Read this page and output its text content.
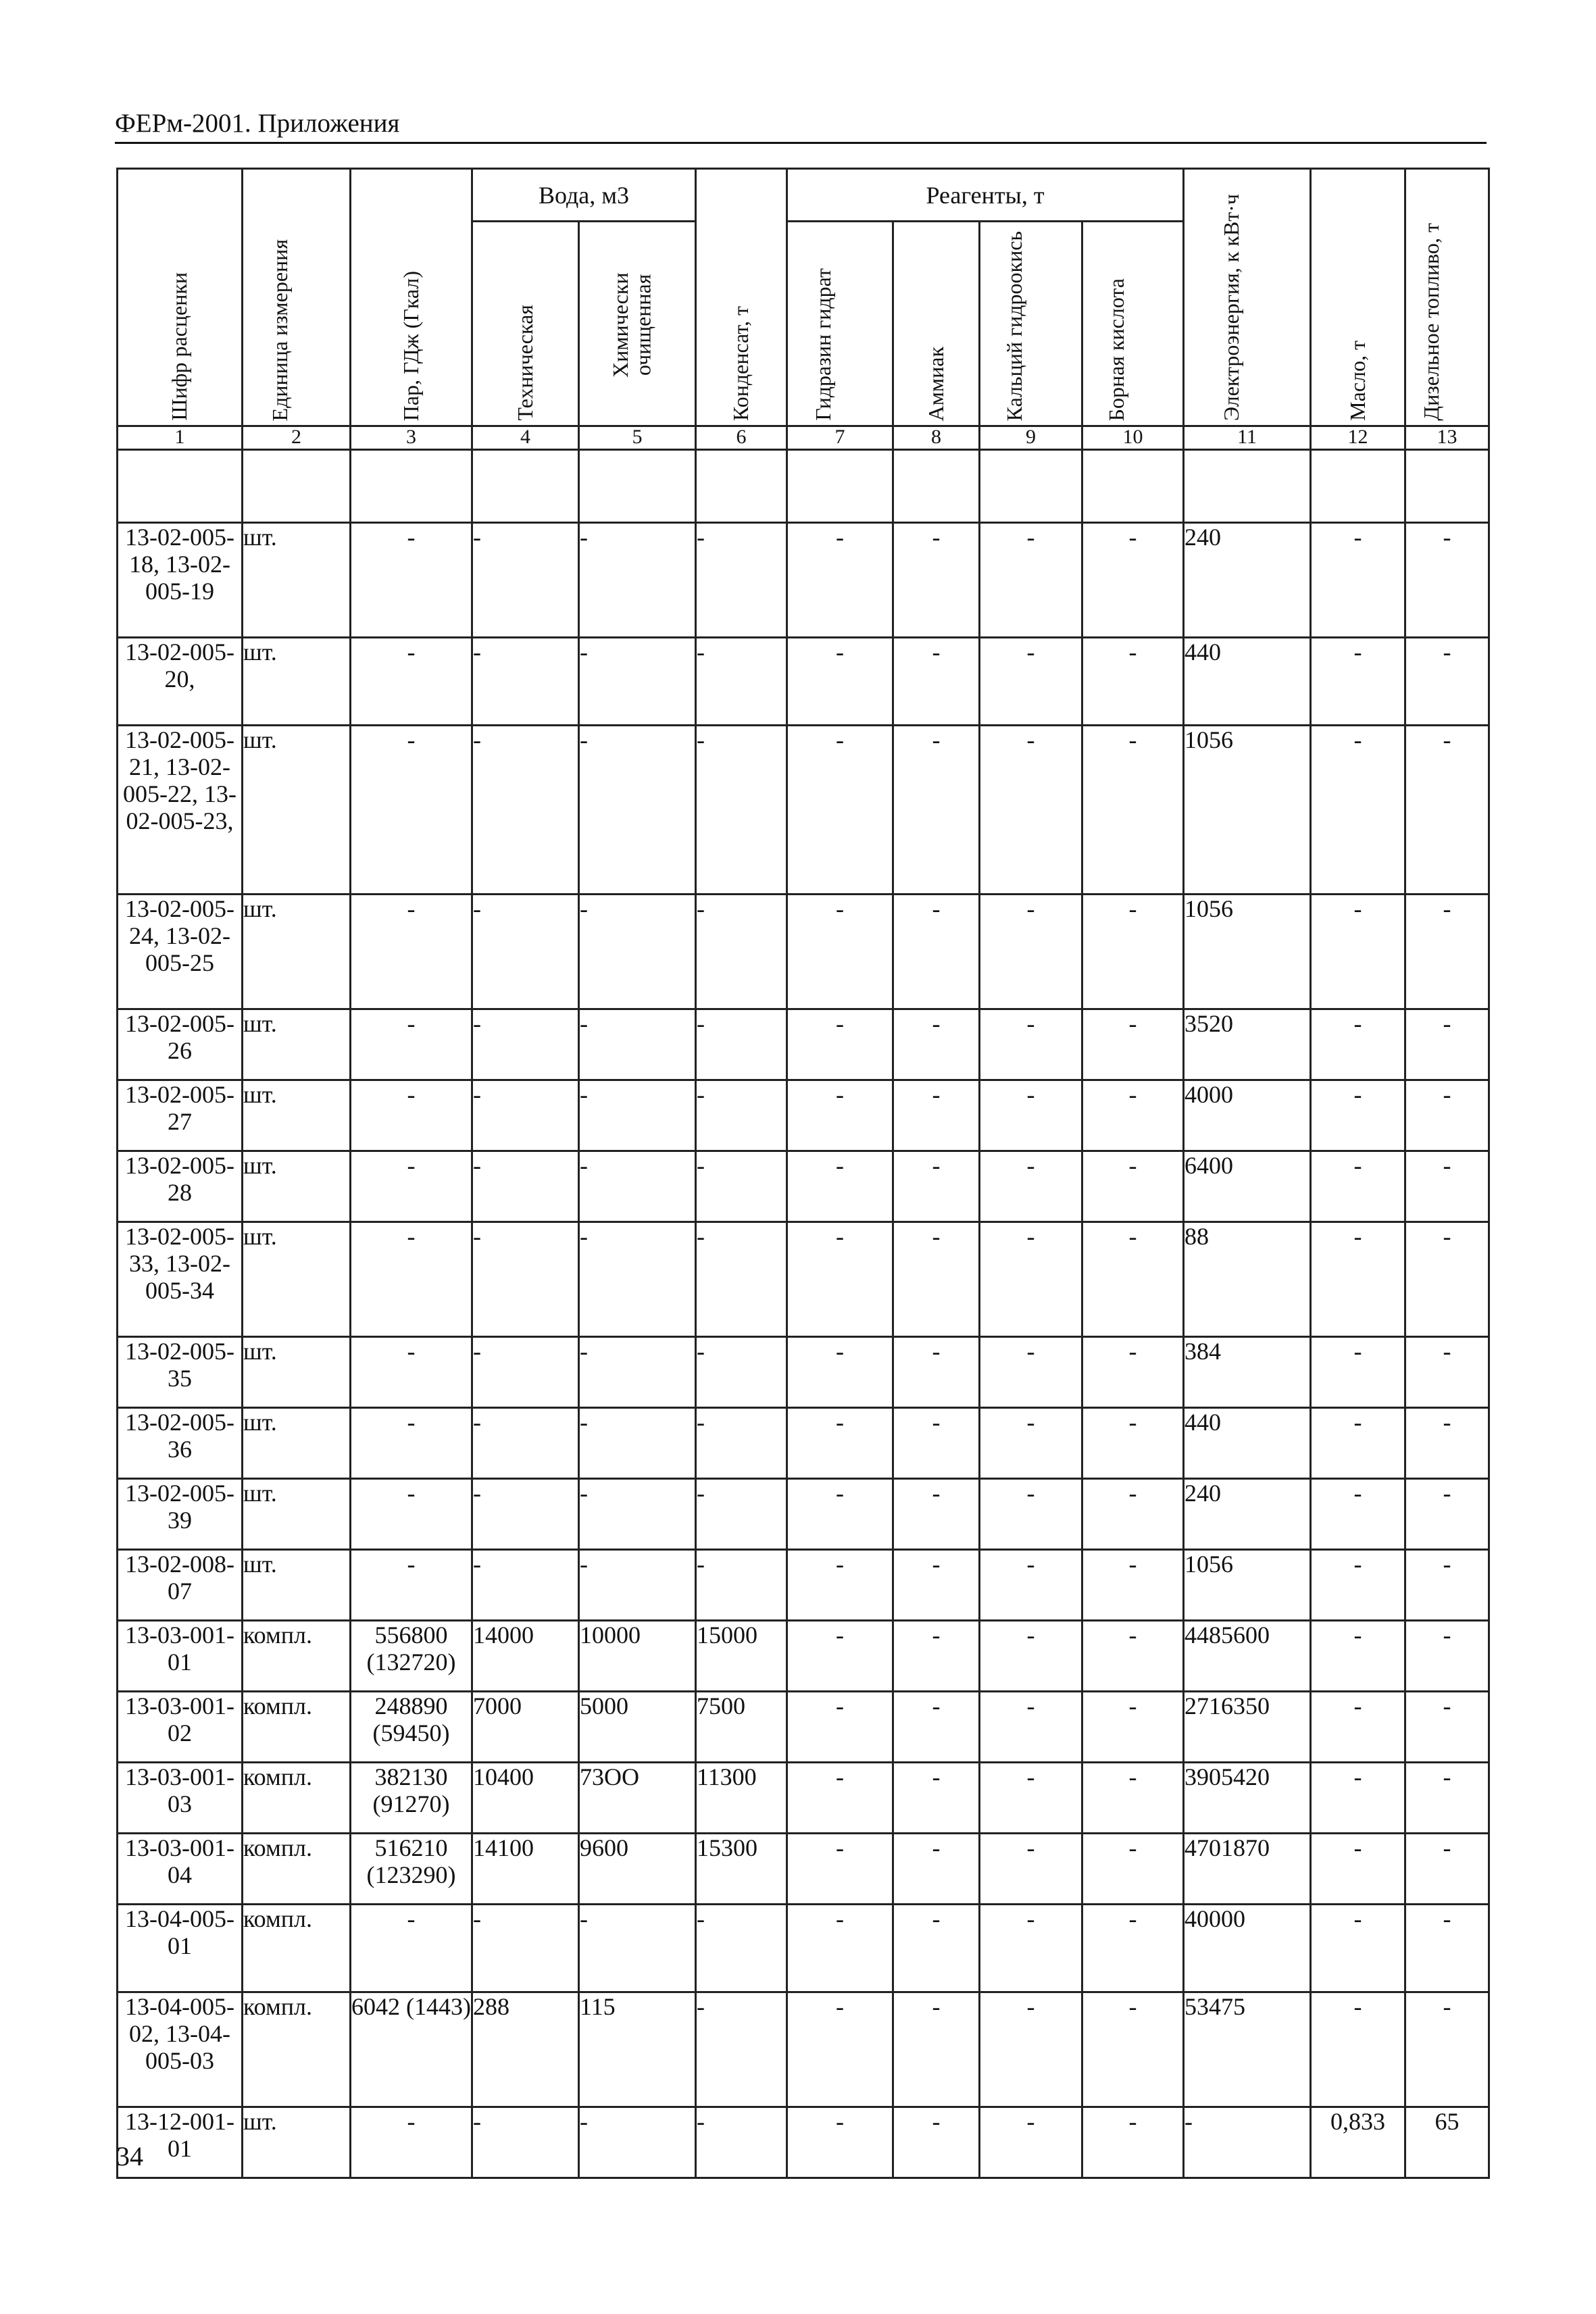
ФЕРм-2001. Приложения
Шифр расценки	Единица измерения	Пар, ГДж (Гкал)	Вода, м3		Конденсат, т	Реагенты, т				Электроэнергия, к кВт·ч	Масло, т	Дизельное топливо, т

			Техническая	Химически очищенная		Гидразин гидрат	Аммиак	Кальций гидроокись	Борная кислота			

1	2	3	4	5	6	7	8	9	10	11	12	13

13-02-005-18, 13-02-005-19	шт.	-	-	-	-	-	-	-	-	240	-	-
13-02-005-20,	шт.	-	-	-	-	-	-	-	-	440	-	-
13-02-005-21, 13-02-005-22, 13-02-005-23,	шт.	-	-	-	-	-	-	-	-	1056	-	-
13-02-005-24, 13-02-005-25	шт.	-	-	-	-	-	-	-	-	1056	-	-
13-02-005-26	шт.	-	-	-	-	-	-	-	-	3520	-	-
13-02-005-27	шт.	-	-	-	-	-	-	-	-	4000	-	-
13-02-005-28	шт.	-	-	-	-	-	-	-	-	6400	-	-
13-02-005-33, 13-02-005-34	шт.	-	-	-	-	-	-	-	-	88	-	-
13-02-005-35	шт.	-	-	-	-	-	-	-	-	384	-	-
13-02-005-36	шт.	-	-	-	-	-	-	-	-	440	-	-
13-02-005-39	шт.	-	-	-	-	-	-	-	-	240	-	-
13-02-008-07	шт.	-	-	-	-	-	-	-	-	1056	-	-
13-03-001-01	компл.	556800 (132720)	14000	10000	15000	-	-	-	-	4485600	-	-
13-03-001-02	компл.	248890 (59450)	7000	5000	7500	-	-	-	-	2716350	-	-
13-03-001-03	компл.	382130 (91270)	10400	73ОО	11300	-	-	-	-	3905420	-	-
13-03-001-04	компл.	516210 (123290)	14100	9600	15300	-	-	-	-	4701870	-	-
13-04-005-01	компл.	-	-	-	-	-	-	-	-	40000	-	-
13-04-005-02, 13-04-005-03	компл.	6042 (1443)	288	115	-	-	-	-	-	53475	-	-
13-12-001-01	шт.	-	-	-	-	-	-	-	-	-	0,833	65
34
